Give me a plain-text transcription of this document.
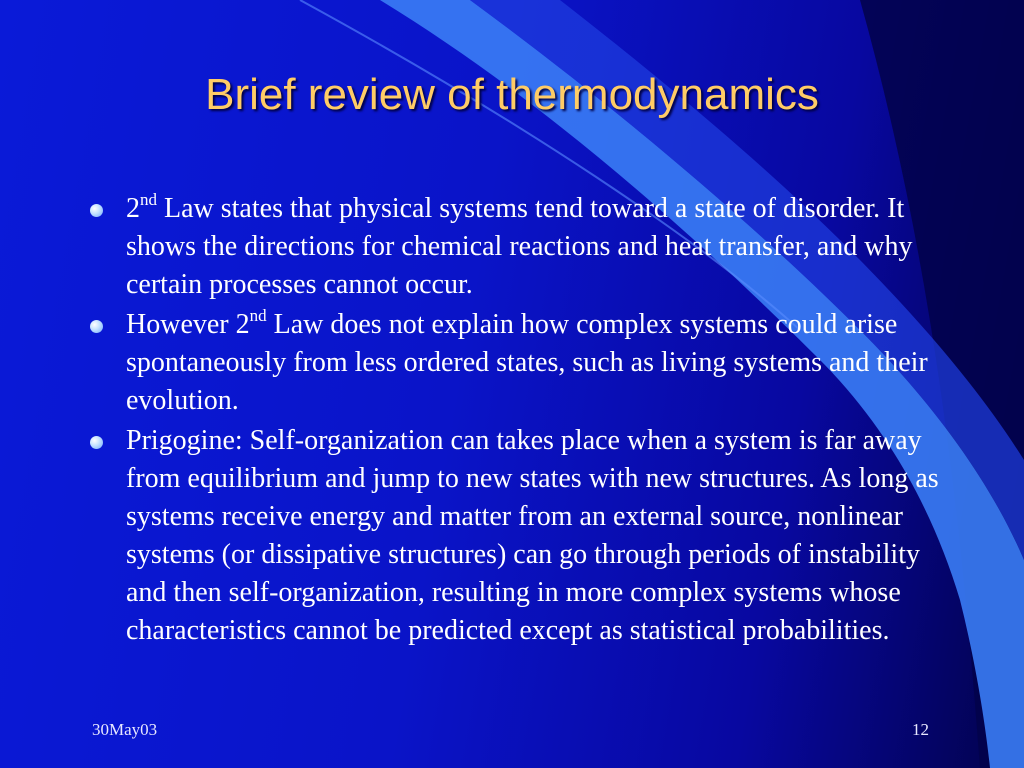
Brief review of thermodynamics
2nd Law states that physical systems tend toward a state of disorder. It shows the directions for chemical reactions and heat transfer, and why certain processes cannot occur.
However 2nd Law does not explain how complex systems could arise spontaneously from less ordered states, such as living systems and their evolution.
Prigogine: Self-organization can takes place when a system is far away from equilibrium and jump to new states with new structures. As long as systems receive energy and matter from an external source, nonlinear systems (or dissipative structures) can go through periods of instability and then self-organization, resulting in more complex systems whose characteristics cannot be predicted except as statistical probabilities.
30May03	12
